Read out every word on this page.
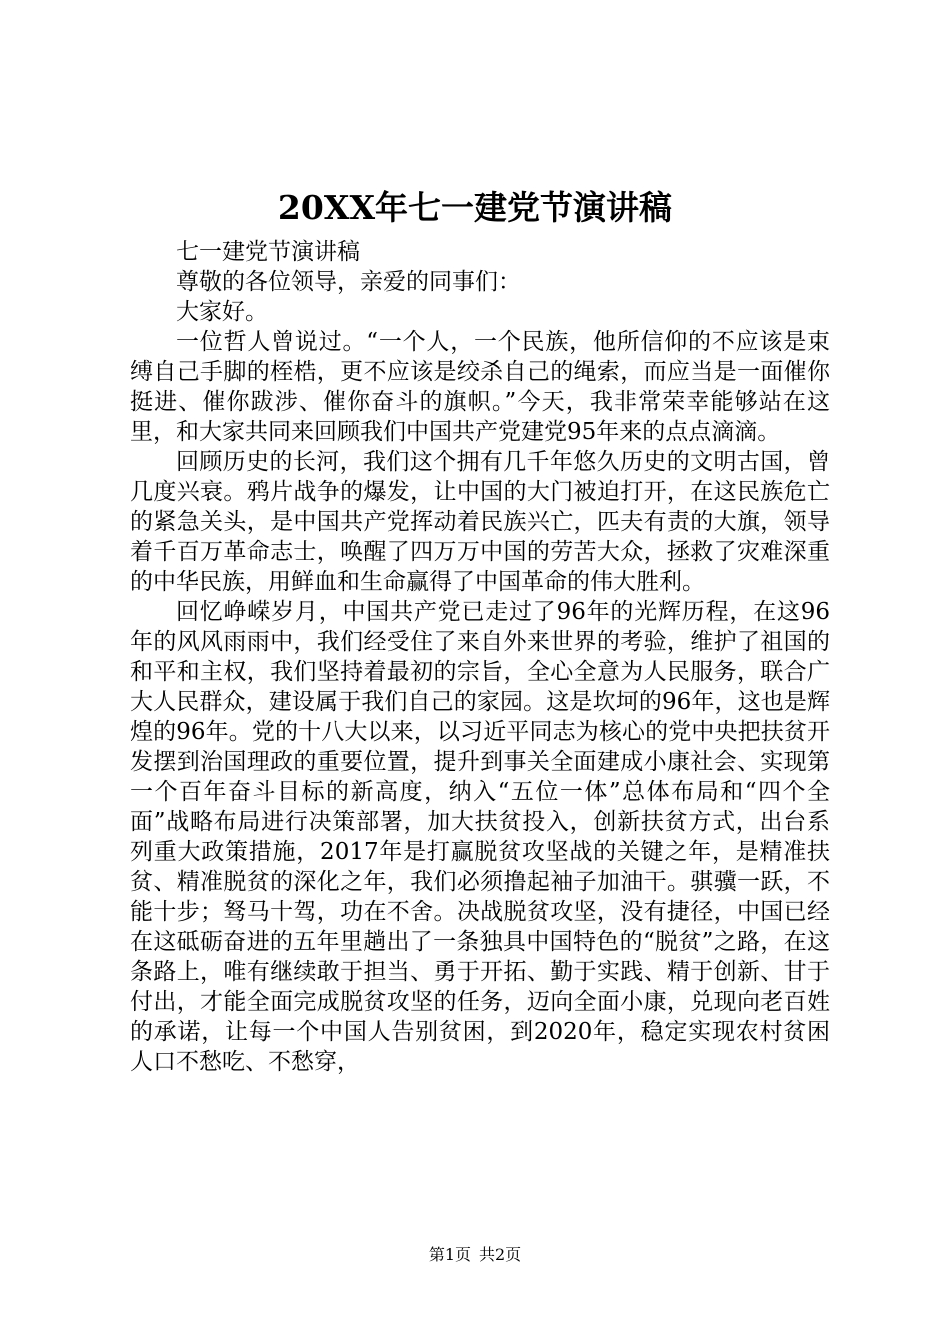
20XX年七一建党节演讲稿

七一建党节演讲稿

尊敬的各位领导，亲爱的同事们：

大家好。

一位哲人曾说过。“一个人，一个民族，他所信仰的不应该是束缚自己手脚的桎梏，更不应该是绞杀自己的绳索，而应当是一面催你挺进、催你跋涉、催你奋斗的旗帜。”今天，我非常荣幸能够站在这里，和大家共同来回顾我们中国共产党建党95年来的点点滴滴。

回顾历史的长河，我们这个拥有几千年悠久历史的文明古国，曾几度兴衰。鸦片战争的爆发，让中国的大门被迫打开，在这民族危亡的紧急关头，是中国共产党挥动着民族兴亡，匹夫有责的大旗，领导着千百万革命志士，唤醒了四万万中国的劳苦大众，拯救了灾难深重的中华民族，用鲜血和生命赢得了中国革命的伟大胜利。

回忆峥嵘岁月，中国共产党已走过了96年的光辉历程，在这96年的风风雨雨中，我们经受住了来自外来世界的考验，维护了祖国的和平和主权，我们坚持着最初的宗旨，全心全意为人民服务，联合广大人民群众，建设属于我们自己的家园。这是坎坷的96年，这也是辉煌的96年。党的十八大以来，以习近平同志为核心的党中央把扶贫开发摆到治国理政的重要位置，提升到事关全面建成小康社会、实现第一个百年奋斗目标的新高度，纳入“五位一体”总体布局和“四个全面”战略布局进行决策部署，加大扶贫投入，创新扶贫方式，出台系列重大政策措施，2017年是打赢脱贫攻坚战的关键之年，是精准扶贫、精准脱贫的深化之年，我们必须撸起袖子加油干。骐骥一跃，不能十步；驽马十驾，功在不舍。决战脱贫攻坚，没有捷径，中国已经在这砥砺奋进的五年里趟出了一条独具中国特色的“脱贫”之路，在这条路上，唯有继续敢于担当、勇于开拓、勤于实践、精于创新、甘于付出，才能全面完成脱贫攻坚的任务，迈向全面小康，兑现向老百姓的承诺，让每一个中国人告别贫困，到2020年，稳定实现农村贫困人口不愁吃、不愁穿，

第1页 共2页
